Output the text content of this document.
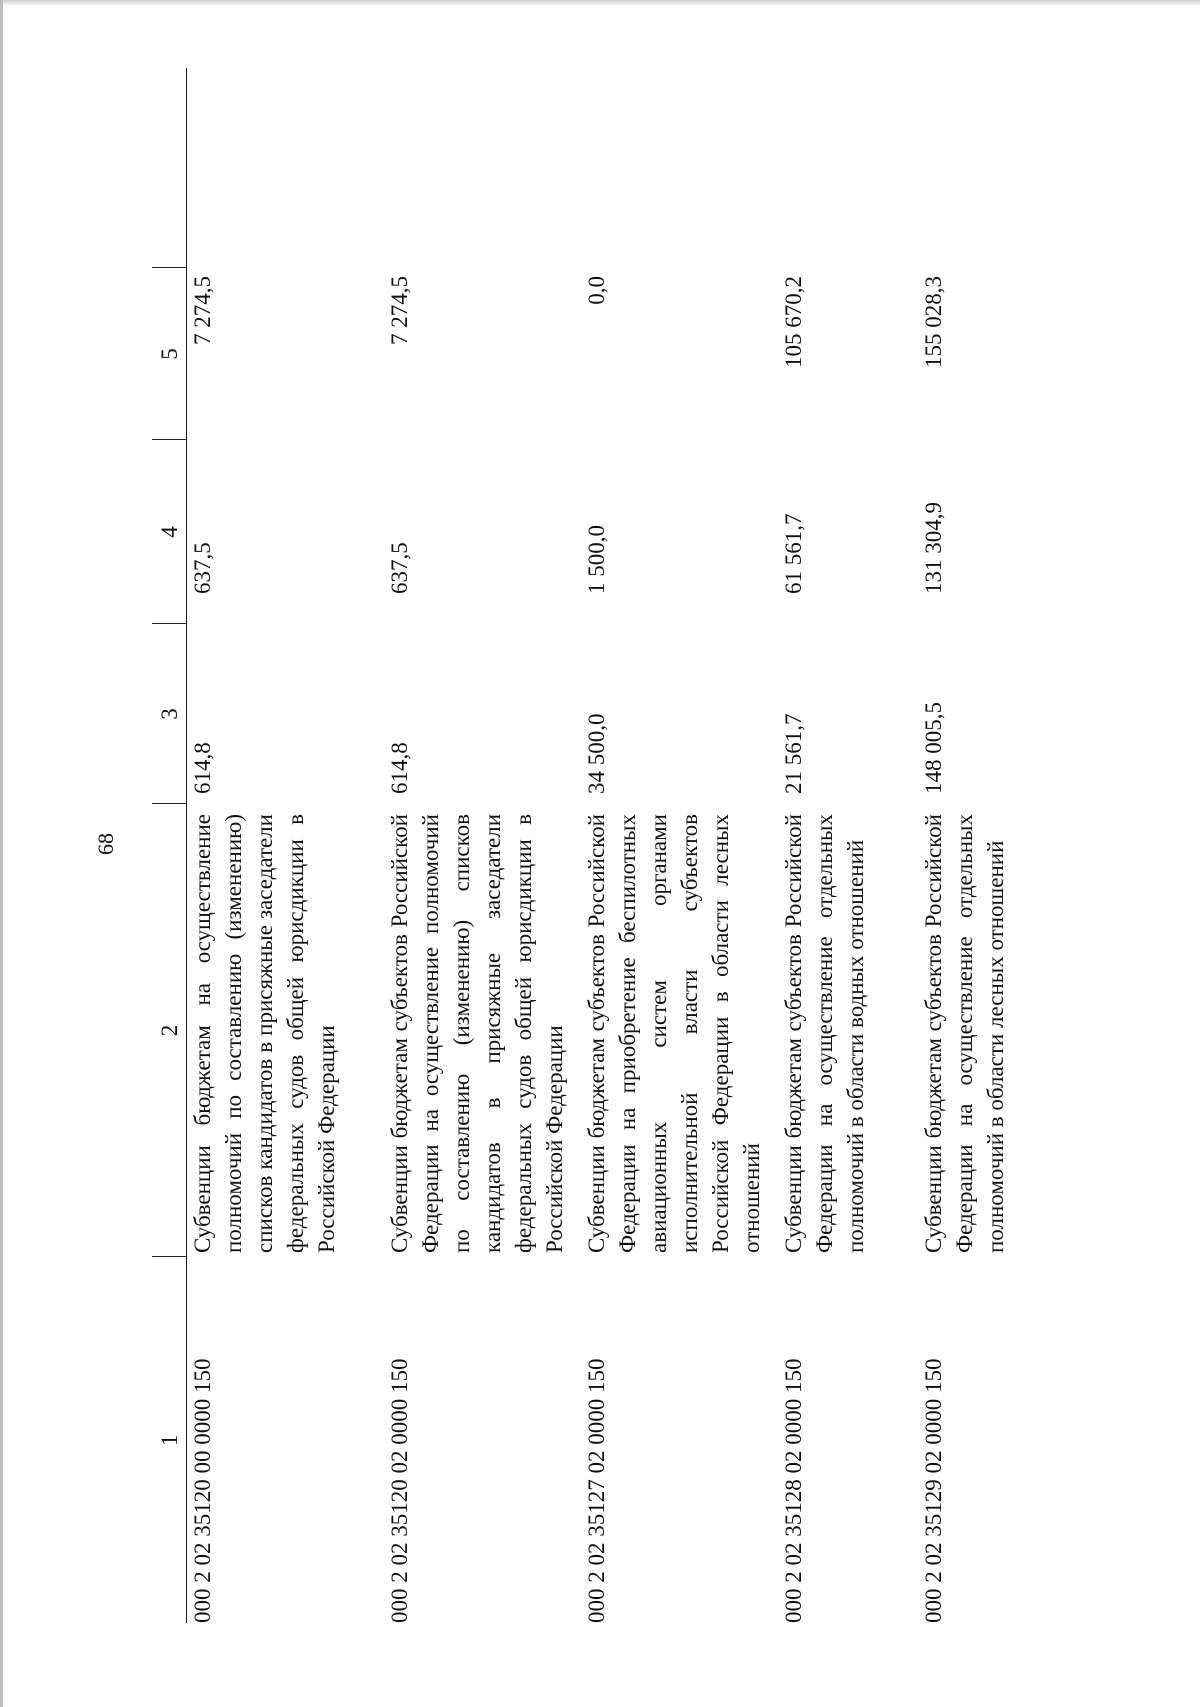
68
1	2	3	4	5	
000 2 02 35120 00 0000 150	Субвенции бюджетам на осуществление полномочий по составлению (изменению) списков кандидатов в присяжные заседатели федеральных судов общей юрисдикции в Российской Федерации	614,8	637,5	7 274,5	
000 2 02 35120 02 0000 150	Субвенции бюджетам субъектов Российской Федерации на осуществление полномочий по составлению (изменению) списков кандидатов в присяжные заседатели федеральных судов общей юрисдикции в Российской Федерации	614,8	637,5	7 274,5	
000 2 02 35127 02 0000 150	Субвенции бюджетам субъектов Российской Федерации на приобретение беспилотных авиационных систем органами исполнительной власти субъектов Российской Федерации в области лесных отношений	34 500,0	1 500,0	0,0	
000 2 02 35128 02 0000 150	Субвенции бюджетам субъектов Российской Федерации на осуществление отдельных полномочий в области водных отношений	21 561,7	61 561,7	105 670,2	
000 2 02 35129 02 0000 150	Субвенции бюджетам субъектов Российской Федерации на осуществление отдельных полномочий в области лесных отношений	148 005,5	131 304,9	155 028,3	
